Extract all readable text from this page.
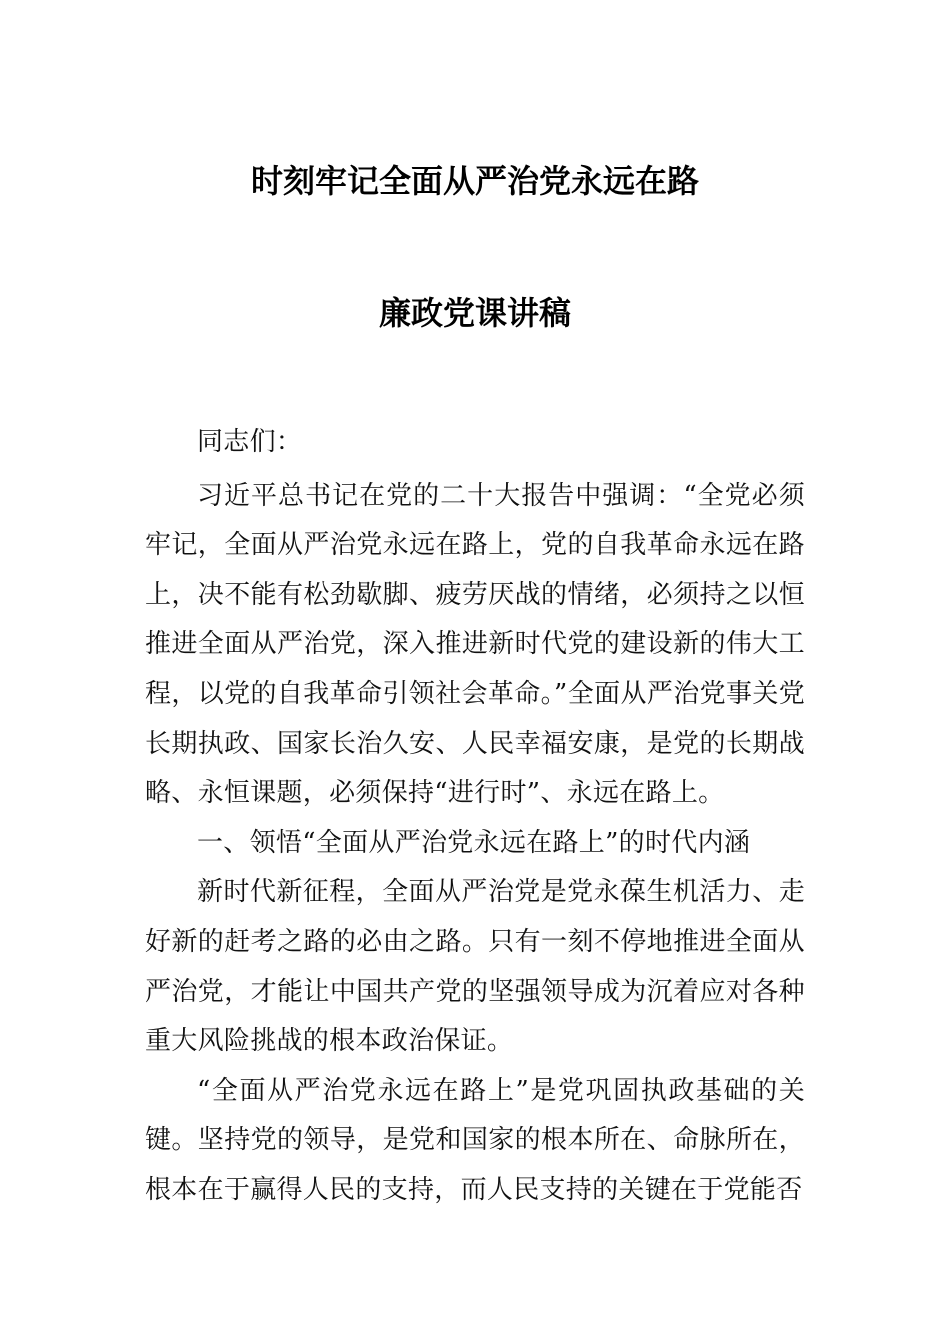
时刻牢记全面从严治党永远在路
廉政党课讲稿

同志们：

习近平总书记在党的二十大报告中强调：“全党必须牢记，全面从严治党永远在路上，党的自我革命永远在路上，决不能有松劲歇脚、疲劳厌战的情绪，必须持之以恒推进全面从严治党，深入推进新时代党的建设新的伟大工程，以党的自我革命引领社会革命。”全面从严治党事关党长期执政、国家长治久安、人民幸福安康，是党的长期战略、永恒课题，必须保持“进行时”、永远在路上。

一、领悟“全面从严治党永远在路上”的时代内涵

新时代新征程，全面从严治党是党永葆生机活力、走好新的赶考之路的必由之路。只有一刻不停地推进全面从严治党，才能让中国共产党的坚强领导成为沉着应对各种重大风险挑战的根本政治保证。

“全面从严治党永远在路上”是党巩固执政基础的关键。坚持党的领导，是党和国家的根本所在、命脉所在，根本在于赢得人民的支持，而人民支持的关键在于党能否
